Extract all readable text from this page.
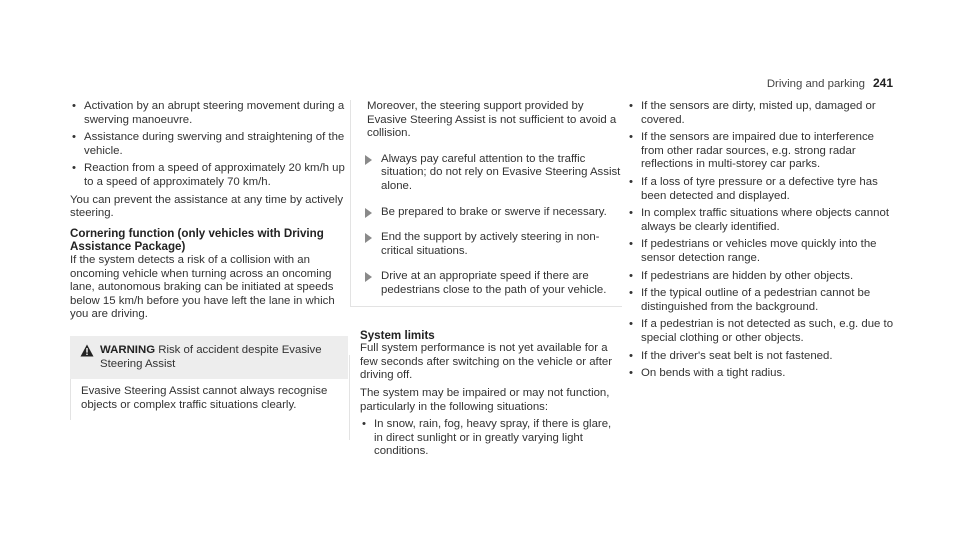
Driving and parking 241
• Activation by an abrupt steering movement during a swerving manoeuvre.
• Assistance during swerving and straightening of the vehicle.
• Reaction from a speed of approximately 20 km/h up to a speed of approximately 70 km/h.

You can prevent the assistance at any time by actively steering.

Cornering function (only vehicles with Driving Assistance Package)

If the system detects a risk of a collision with an oncoming vehicle when turning across an oncoming lane, autonomous braking can be initiated at speeds below 15 km/h before you have left the lane in which you are driving.

WARNING Risk of accident despite Evasive Steering Assist
Evasive Steering Assist cannot always recognise objects or complex traffic situations clearly.

Moreover, the steering support provided by Evasive Steering Assist is not sufficient to avoid a collision.

Always pay careful attention to the traffic situation; do not rely on Evasive Steering Assist alone.
Be prepared to brake or swerve if necessary.
End the support by actively steering in non-critical situations.
Drive at an appropriate speed if there are pedestrians close to the path of your vehicle.
System limits

Full system performance is not yet available for a few seconds after switching on the vehicle or after driving off.

The system may be impaired or may not function, particularly in the following situations:

• In snow, rain, fog, heavy spray, if there is glare, in direct sunlight or in greatly varying light conditions.
• If the sensors are dirty, misted up, damaged or covered.
• If the sensors are impaired due to interference from other radar sources, e.g. strong radar reflections in multi-storey car parks.
• If a loss of tyre pressure or a defective tyre has been detected and displayed.
• In complex traffic situations where objects cannot always be clearly identified.
• If pedestrians or vehicles move quickly into the sensor detection range.
• If pedestrians are hidden by other objects.
• If the typical outline of a pedestrian cannot be distinguished from the background.
• If a pedestrian is not detected as such, e.g. due to special clothing or other objects.
• If the driver's seat belt is not fastened.
• On bends with a tight radius.
